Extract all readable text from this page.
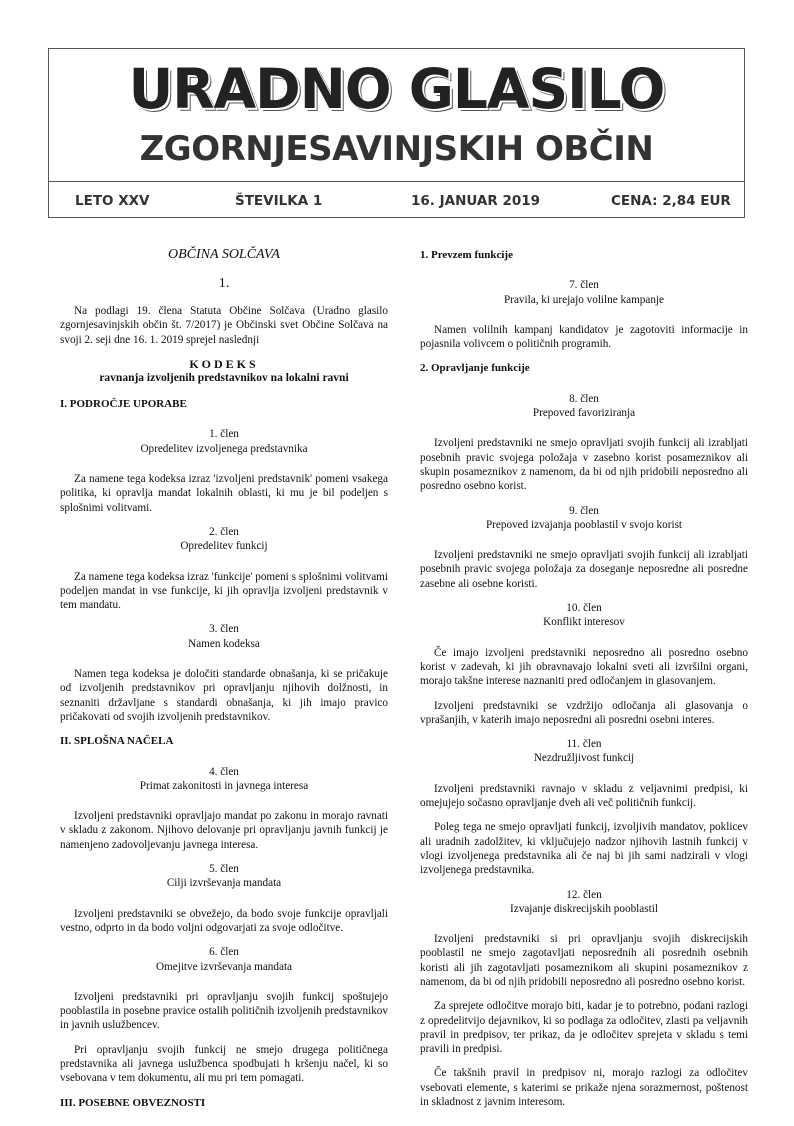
URADNO GLASILO
ZGORNJESAVINJSKIH OBČIN
LETO XXV	ŠTEVILKA 1	16. JANUAR 2019	CENA: 2,84 EUR

OBČINA SOLČAVA

1.

Na podlagi 19. člena Statuta Občine Solčava (Uradno glasilo zgornjesavinjskih občin št. 7/2017) je Občinski svet Občine Solčava na svoji 2. seji dne 16. 1. 2019 sprejel naslednji

KODEKS

ravnanja izvoljenih predstavnikov na lokalni ravni

I. PODROČJE UPORABE

1. člen

Opredelitev izvoljenega predstavnika

Za namene tega kodeksa izraz 'izvoljeni predstavnik' pomeni vsakega politika, ki opravlja mandat lokalnih oblasti, ki mu je bil podeljen s splošnimi volitvami.

2. člen

Opredelitev funkcij

Za namene tega kodeksa izraz 'funkcije' pomeni s splošnimi volitvami podeljen mandat in vse funkcije, ki jih opravlja izvoljeni predstavnik v tem mandatu.

3. člen

Namen kodeksa

Namen tega kodeksa je določiti standarde obnašanja, ki se pričakuje od izvoljenih predstavnikov pri opravljanju njihovih dolžnosti, in seznaniti državljane s standardi obnašanja, ki jih imajo pravico pričakovati od svojih izvoljenih predstavnikov.

II. SPLOŠNA NAČELA

4. člen

Primat zakonitosti in javnega interesa

Izvoljeni predstavniki opravljajo mandat po zakonu in morajo ravnati v skladu z zakonom. Njihovo delovanje pri opravljanju javnih funkcij je namenjeno zadovoljevanju javnega interesa.

5. člen

Cilji izvrševanja mandata

Izvoljeni predstavniki se obvežejo, da bodo svoje funkcije opravljali vestno, odprto in da bodo voljni odgovarjati za svoje odločitve.

6. člen

Omejitve izvrševanja mandata

Izvoljeni predstavniki pri opravljanju svojih funkcij spoštujejo pooblastila in posebne pravice ostalih političnih izvoljenih predstavnikov in javnih uslužbencev.

Pri opravljanju svojih funkcij ne smejo drugega političnega predstavnika ali javnega uslužbenca spodbujati h kršenju načel, ki so vsebovana v tem dokumentu, ali mu pri tem pomagati.

III. POSEBNE OBVEZNOSTI

1. Prevzem funkcije

7. člen

Pravila, ki urejajo volilne kampanje

Namen volilnih kampanj kandidatov je zagotoviti informacije in pojasnila volivcem o političnih programih.

2. Opravljanje funkcije

8. člen

Prepoved favoriziranja

Izvoljeni predstavniki ne smejo opravljati svojih funkcij ali izrabljati posebnih pravic svojega položaja v zasebno korist posameznikov ali skupin posameznikov z namenom, da bi od njih pridobili neposredno ali posredno osebno korist.

9. člen

Prepoved izvajanja pooblastil v svojo korist

Izvoljeni predstavniki ne smejo opravljati svojih funkcij ali izrabljati posebnih pravic svojega položaja za doseganje neposredne ali posredne zasebne ali osebne koristi.

10. člen

Konflikt interesov

Če imajo izvoljeni predstavniki neposredno ali posredno osebno korist v zadevah, ki jih obravnavajo lokalni sveti ali izvršilni organi, morajo takšne interese naznaniti pred odločanjem in glasovanjem.

Izvoljeni predstavniki se vzdržijo odločanja ali glasovanja o vprašanjih, v katerih imajo neposredni ali posredni osebni interes.

11. člen

Nezdružljivost funkcij

Izvoljeni predstavniki ravnajo v skladu z veljavnimi predpisi, ki omejujejo sočasno opravljanje dveh ali več političnih funkcij.

Poleg tega ne smejo opravljati funkcij, izvoljivih mandatov, poklicev ali uradnih zadolžitev, ki vključujejo nadzor njihovih lastnih funkcij v vlogi izvoljenega predstavnika ali če naj bi jih sami nadzirali v vlogi izvoljenega predstavnika.

12. člen

Izvajanje diskrecijskih pooblastil

Izvoljeni predstavniki si pri opravljanju svojih diskrecijskih pooblastil ne smejo zagotavljati neposrednih ali posrednih osebnih koristi ali jih zagotavljati posameznikom ali skupini posameznikov z namenom, da bi od njih pridobili neposredno ali posredno osebno korist.

Za sprejete odločitve morajo biti, kadar je to potrebno, podani razlogi z opredelitvijo dejavnikov, ki so podlaga za odločitev, zlasti pa veljavnih pravil in predpisov, ter prikaz, da je odločitev sprejeta v skladu s temi pravili in predpisi.

Če takšnih pravil in predpisov ni, morajo razlogi za odločitev vsebovati elemente, s katerimi se prikaže njena sorazmernost, poštenost in skladnost z javnim interesom.
